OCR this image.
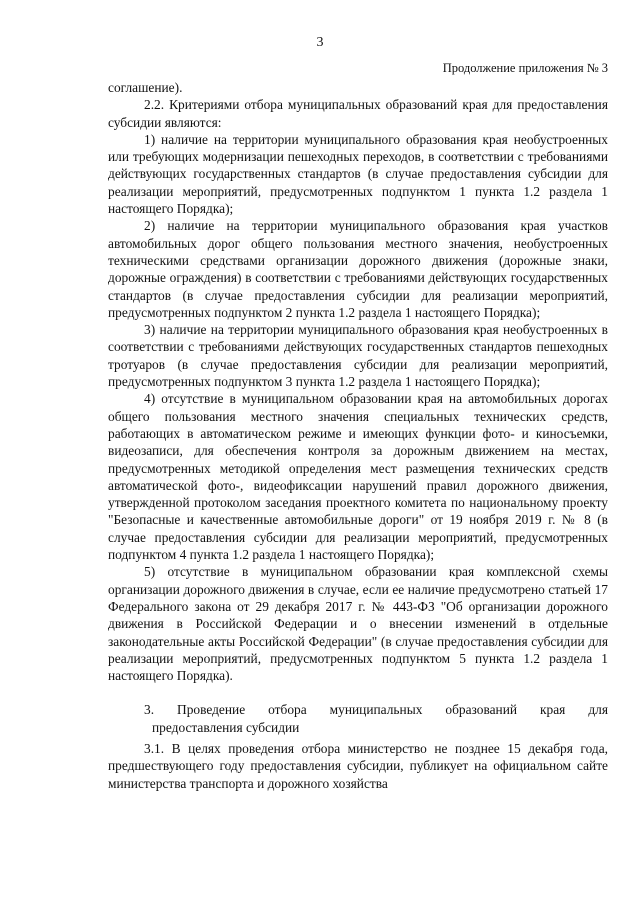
3
Продолжение приложения № 3

соглашение).

2.2. Критериями отбора муниципальных образований края для предоставления субсидии являются:

1) наличие на территории муниципального образования края необустроенных или требующих модернизации пешеходных переходов, в соответствии с требованиями действующих государственных стандартов (в случае предоставления субсидии для реализации мероприятий, предусмотренных подпунктом 1 пункта 1.2 раздела 1 настоящего Порядка);

2) наличие на территории муниципального образования края участков автомобильных дорог общего пользования местного значения, необустроенных техническими средствами организации дорожного движения (дорожные знаки, дорожные ограждения) в соответствии с требованиями действующих государственных стандартов (в случае предоставления субсидии для реализации мероприятий, предусмотренных подпунктом 2 пункта 1.2 раздела 1 настоящего Порядка);

3) наличие на территории муниципального образования края необустроенных в соответствии с требованиями действующих государственных стандартов пешеходных тротуаров (в случае предоставления субсидии для реализации мероприятий, предусмотренных подпунктом 3 пункта 1.2 раздела 1 настоящего Порядка);

4) отсутствие в муниципальном образовании края на автомобильных дорогах общего пользования местного значения специальных технических средств, работающих в автоматическом режиме и имеющих функции фото- и киносъемки, видеозаписи, для обеспечения контроля за дорожным движением на местах, предусмотренных методикой определения мест размещения технических средств автоматической фото-, видеофиксации нарушений правил дорожного движения, утвержденной протоколом заседания проектного комитета по национальному проекту "Безопасные и качественные автомобильные дороги" от 19 ноября 2019 г. № 8 (в случае предоставления субсидии для реализации мероприятий, предусмотренных подпунктом 4 пункта 1.2 раздела 1 настоящего Порядка);

5) отсутствие в муниципальном образовании края комплексной схемы организации дорожного движения в случае, если ее наличие предусмотрено статьей 17 Федерального закона от 29 декабря 2017 г. № 443-ФЗ "Об организации дорожного движения в Российской Федерации и о внесении изменений в отдельные законодательные акты Российской Федерации" (в случае предоставления субсидии для реализации мероприятий, предусмотренных подпунктом 5 пункта 1.2 раздела 1 настоящего Порядка).

3. Проведение отбора муниципальных образований края для
предоставления субсидии

3.1. В целях проведения отбора министерство не позднее 15 декабря года, предшествующего году предоставления субсидии, публикует на официальном сайте министерства транспорта и дорожного хозяйства
